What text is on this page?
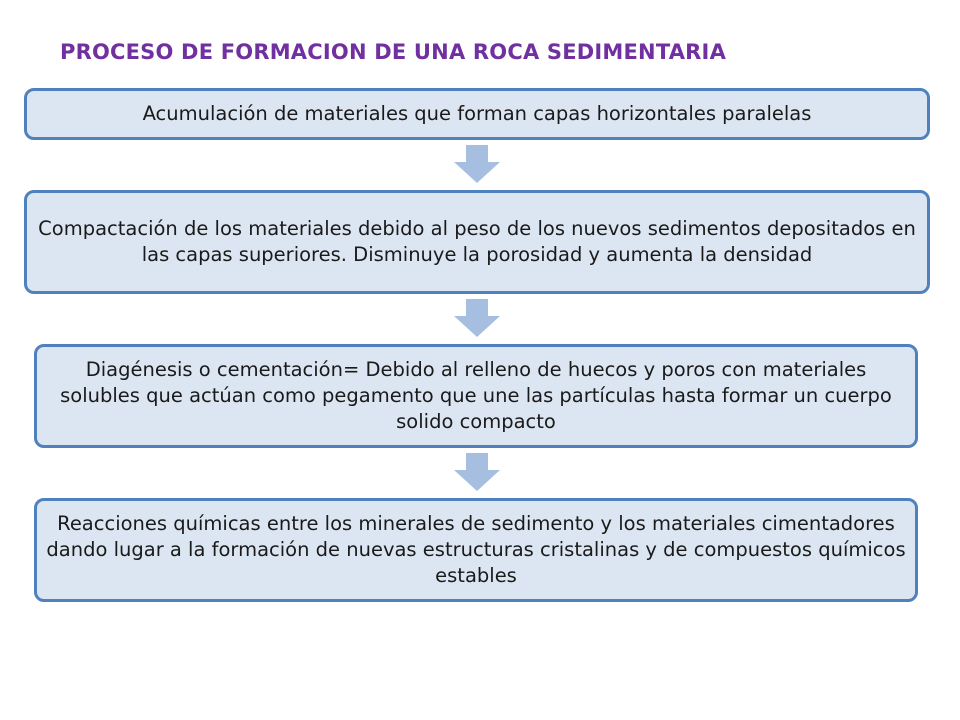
PROCESO DE FORMACION DE UNA ROCA SEDIMENTARIA
Acumulación de materiales que forman capas horizontales paralelas
Compactación de los materiales debido al peso de los nuevos sedimentos depositados en las capas superiores. Disminuye la porosidad y aumenta la densidad
Diagénesis o cementación= Debido al relleno de huecos y poros con materiales solubles que actúan como pegamento que une las partículas hasta formar un cuerpo solido compacto
Reacciones químicas entre los minerales de sedimento y los materiales cimentadores dando lugar a la formación de nuevas estructuras cristalinas y de compuestos químicos estables
